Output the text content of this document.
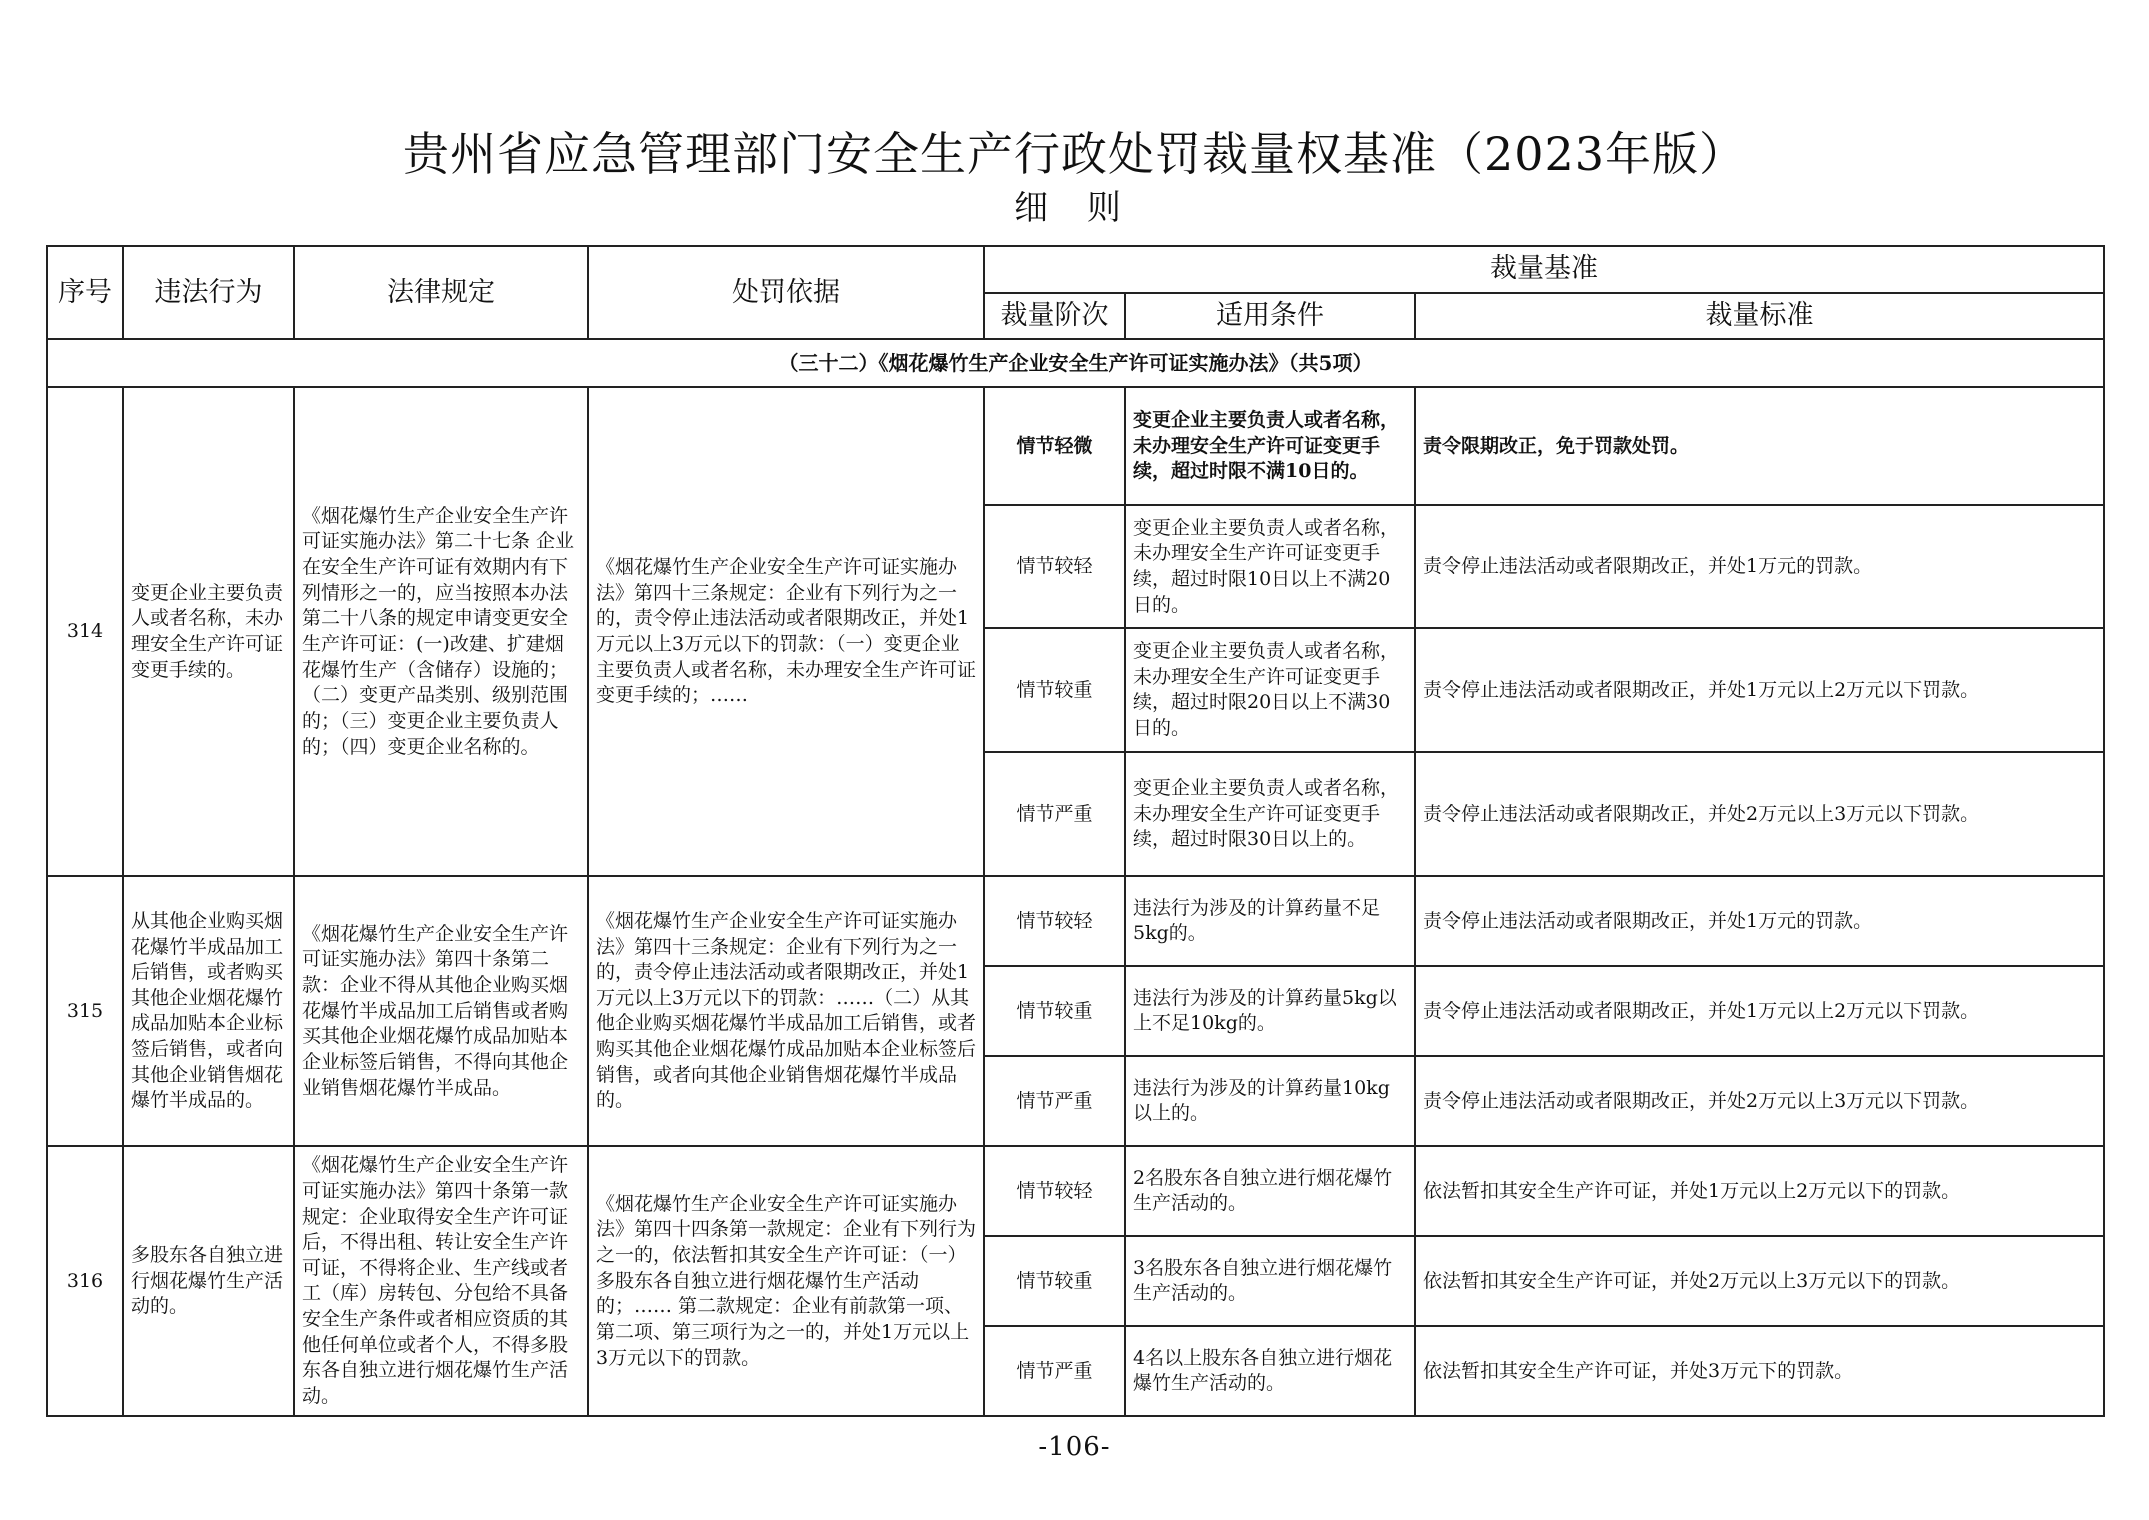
贵州省应急管理部门安全生产行政处罚裁量权基准（2023年版）
细 则
序号	违法行为	法律规定	处罚依据	裁量基准		
				裁量阶次	适用条件	裁量标准
（三十二）《烟花爆竹生产企业安全生产许可证实施办法》（共5项）						
314	变更企业主要负责人或者名称，未办理安全生产许可证变更手续的。	《烟花爆竹生产企业安全生产许可证实施办法》第二十七条 企业在安全生产许可证有效期内有下列情形之一的，应当按照本办法第二十八条的规定申请变更安全生产许可证：(一)改建、扩建烟花爆竹生产（含储存）设施的；（二）变更产品类别、级别范围的；（三）变更企业主要负责人的；（四）变更企业名称的。	《烟花爆竹生产企业安全生产许可证实施办法》第四十三条规定：企业有下列行为之一的，责令停止违法活动或者限期改正，并处1万元以上3万元以下的罚款：（一）变更企业主要负责人或者名称，未办理安全生产许可证变更手续的；……	情节轻微	变更企业主要负责人或者名称，未办理安全生产许可证变更手续，超过时限不满10日的。	责令限期改正，免于罚款处罚。
				情节较轻	变更企业主要负责人或者名称，未办理安全生产许可证变更手续，超过时限10日以上不满20日的。	责令停止违法活动或者限期改正，并处1万元的罚款。
				情节较重	变更企业主要负责人或者名称，未办理安全生产许可证变更手续，超过时限20日以上不满30日的。	责令停止违法活动或者限期改正，并处1万元以上2万元以下罚款。
				情节严重	变更企业主要负责人或者名称，未办理安全生产许可证变更手续，超过时限30日以上的。	责令停止违法活动或者限期改正，并处2万元以上3万元以下罚款。
315	从其他企业购买烟花爆竹半成品加工后销售，或者购买其他企业烟花爆竹成品加贴本企业标签后销售，或者向其他企业销售烟花爆竹半成品的。	《烟花爆竹生产企业安全生产许可证实施办法》第四十条第二款：企业不得从其他企业购买烟花爆竹半成品加工后销售或者购买其他企业烟花爆竹成品加贴本企业标签后销售，不得向其他企业销售烟花爆竹半成品。	《烟花爆竹生产企业安全生产许可证实施办法》第四十三条规定：企业有下列行为之一的，责令停止违法活动或者限期改正，并处1万元以上3万元以下的罚款：……（二）从其他企业购买烟花爆竹半成品加工后销售，或者购买其他企业烟花爆竹成品加贴本企业标签后销售，或者向其他企业销售烟花爆竹半成品的。	情节较轻	违法行为涉及的计算药量不足5kg的。	责令停止违法活动或者限期改正，并处1万元的罚款。
				情节较重	违法行为涉及的计算药量5kg以上不足10kg的。	责令停止违法活动或者限期改正，并处1万元以上2万元以下罚款。
				情节严重	违法行为涉及的计算药量10kg以上的。	责令停止违法活动或者限期改正，并处2万元以上3万元以下罚款。
316	多股东各自独立进行烟花爆竹生产活动的。	《烟花爆竹生产企业安全生产许可证实施办法》第四十条第一款规定：企业取得安全生产许可证后，不得出租、转让安全生产许可证，不得将企业、生产线或者工（库）房转包、分包给不具备安全生产条件或者相应资质的其他任何单位或者个人，不得多股东各自独立进行烟花爆竹生产活动。	《烟花爆竹生产企业安全生产许可证实施办法》第四十四条第一款规定：企业有下列行为之一的，依法暂扣其安全生产许可证：（一）多股东各自独立进行烟花爆竹生产活动的；…… 第二款规定：企业有前款第一项、第二项、第三项行为之一的，并处1万元以上3万元以下的罚款。	情节较轻	2名股东各自独立进行烟花爆竹生产活动的。	依法暂扣其安全生产许可证，并处1万元以上2万元以下的罚款。
				情节较重	3名股东各自独立进行烟花爆竹生产活动的。	依法暂扣其安全生产许可证，并处2万元以上3万元以下的罚款。
				情节严重	4名以上股东各自独立进行烟花爆竹生产活动的。	依法暂扣其安全生产许可证，并处3万元下的罚款。
-106-
